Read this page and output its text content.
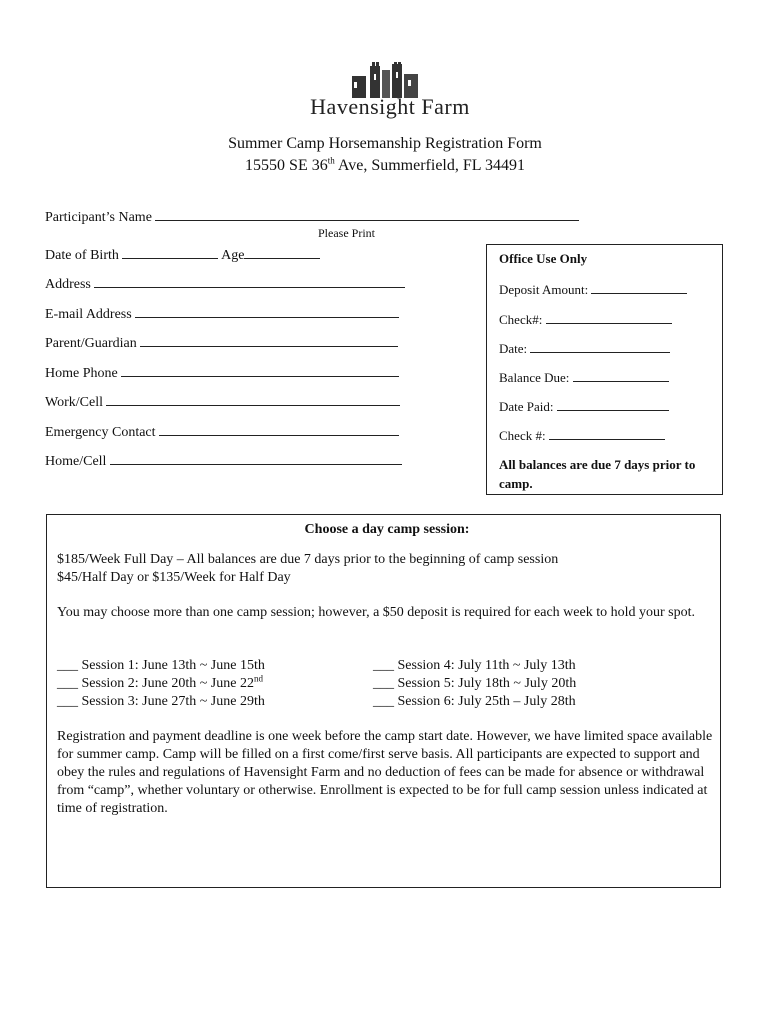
Havensight Farm
Summer Camp Horsemanship Registration Form
15550 SE 36th Ave, Summerfield, FL 34491
Participant’s Name
Please Print
Date of Birth	Age
Address
E-mail Address
Parent/Guardian
Home Phone
Work/Cell
Emergency Contact
Home/Cell
Office Use Only
Deposit Amount:
Check#:
Date:
Balance Due:
Date Paid:
Check #:
All balances are due 7 days prior to camp.
Choose a day camp session:
$185/Week Full Day – All balances are due 7 days prior to the beginning of camp session
$45/Half Day or $135/Week for Half Day
You may choose more than one camp session; however, a $50 deposit is required for each week to hold your spot.
___ Session 1: June 13th ~ June 15th
___ Session 2: June 20th ~ June 22nd
___ Session 3: June 27th ~ June 29th
___ Session 4: July 11th ~ July 13th
___ Session 5: July 18th ~ July 20th
___ Session 6: July 25th – July 28th
Registration and payment deadline is one week before the camp start date. However, we have limited space available for summer camp. Camp will be filled on a first come/first serve basis. All participants are expected to support and obey the rules and regulations of Havensight Farm and no deduction of fees can be made for absence or withdrawal from “camp”, whether voluntary or otherwise. Enrollment is expected to be for full camp session unless indicated at time of registration.
